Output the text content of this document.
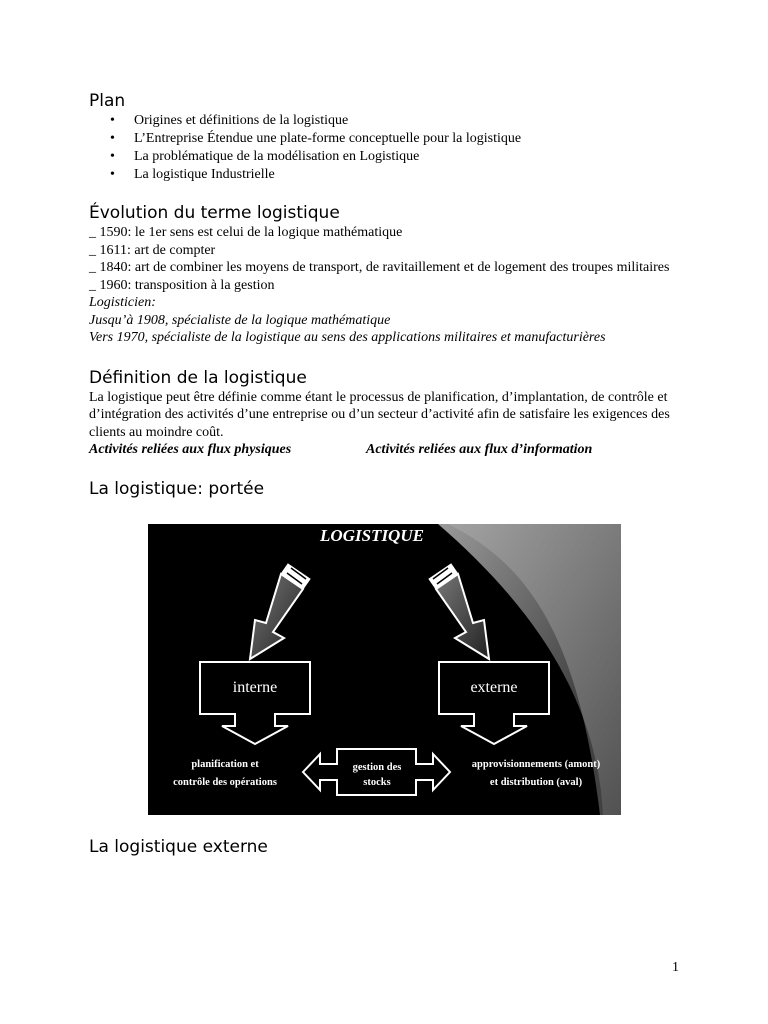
Plan
• Origines et définitions de la logistique
• L’Entreprise Étendue une plate-forme conceptuelle pour la logistique
• La problématique de la modélisation en Logistique
• La logistique Industrielle
Évolution du terme logistique

_ 1590: le 1er sens est celui de la logique mathématique

_ 1611: art de compter

_ 1840: art de combiner les moyens de transport, de ravitaillement et de logement des troupes militaires

_ 1960: transposition à la gestion

Logisticien:

Jusqu’à 1908, spécialiste de la logique mathématique

Vers 1970, spécialiste de la logistique au sens des applications militaires et manufacturières

Définition de la logistique

La logistique peut être définie comme étant le processus de planification, d’implantation, de contrôle et d’intégration des activités d’une entreprise ou d’un secteur d’activité afin de satisfaire les exigences des clients au moindre coût.

Activités reliées aux flux physiques	Activités reliées aux flux d’information
La logistique: portée
LOGISTIQUE
interne	externe
gestion des
stocks
planification et
contrôle des opérations
approvisionnements (amont)
et distribution (aval)
La logistique externe
1
